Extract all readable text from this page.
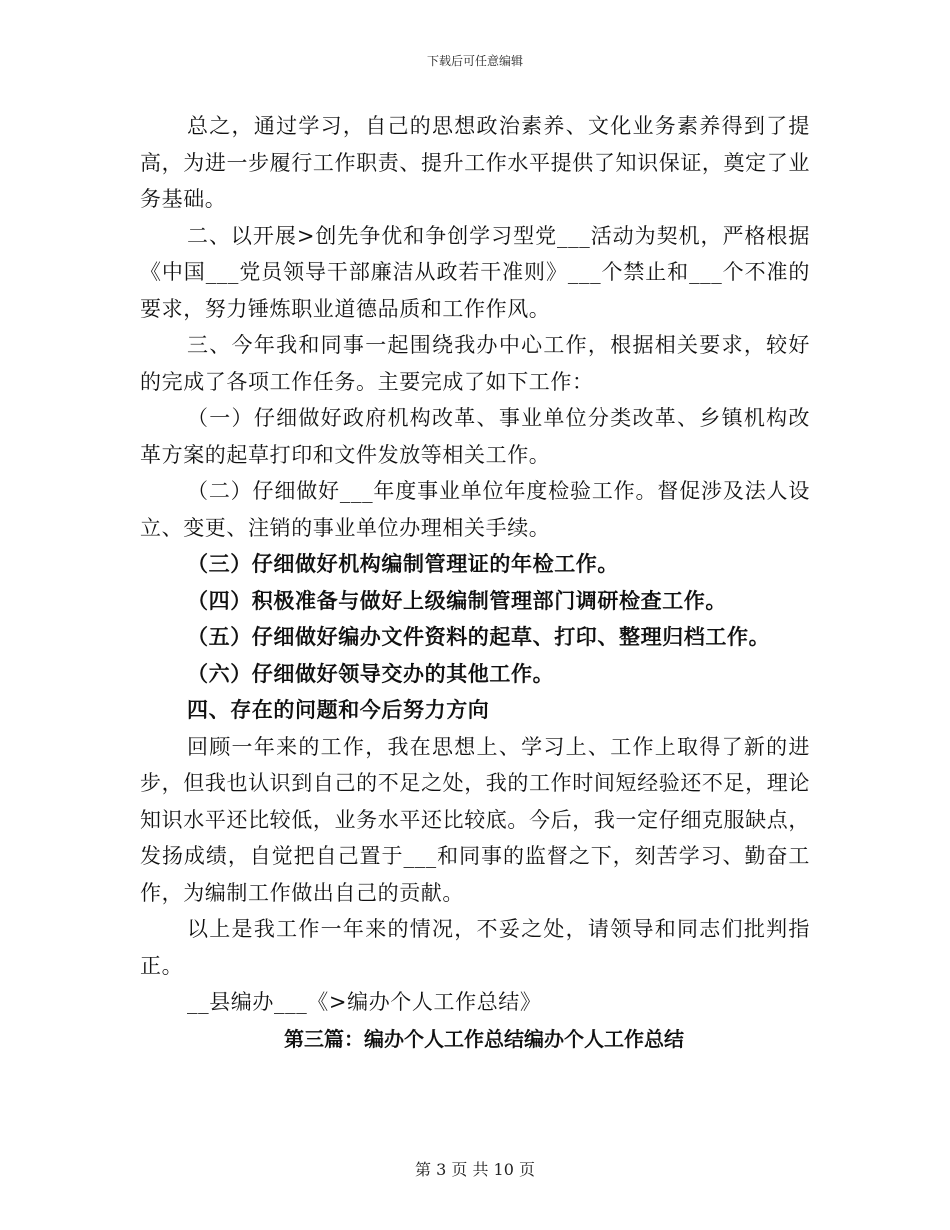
下载后可任意编辑

总之，通过学习，自己的思想政治素养、文化业务素养得到了提高，为进一步履行工作职责、提升工作水平提供了知识保证，奠定了业务基础。

二、以开展>创先争优和争创学习型党___活动为契机，严格根据《中国___党员领导干部廉洁从政若干准则》___个禁止和___个不准的要求，努力锤炼职业道德品质和工作作风。

三、今年我和同事一起围绕我办中心工作，根据相关要求，较好的完成了各项工作任务。主要完成了如下工作：

（一）仔细做好政府机构改革、事业单位分类改革、乡镇机构改革方案的起草打印和文件发放等相关工作。

（二）仔细做好___年度事业单位年度检验工作。督促涉及法人设立、变更、注销的事业单位办理相关手续。

（三）仔细做好机构编制管理证的年检工作。

（四）积极准备与做好上级编制管理部门调研检查工作。

（五）仔细做好编办文件资料的起草、打印、整理归档工作。

（六）仔细做好领导交办的其他工作。

四、存在的问题和今后努力方向

回顾一年来的工作，我在思想上、学习上、工作上取得了新的进步，但我也认识到自己的不足之处，我的工作时间短经验还不足，理论知识水平还比较低，业务水平还比较底。今后，我一定仔细克服缺点，发扬成绩，自觉把自己置于___和同事的监督之下，刻苦学习、勤奋工作，为编制工作做出自己的贡献。

以上是我工作一年来的情况，不妥之处，请领导和同志们批判指正。

__县编办___《>编办个人工作总结》

第三篇：编办个人工作总结编办个人工作总结

第 3 页 共 10 页
